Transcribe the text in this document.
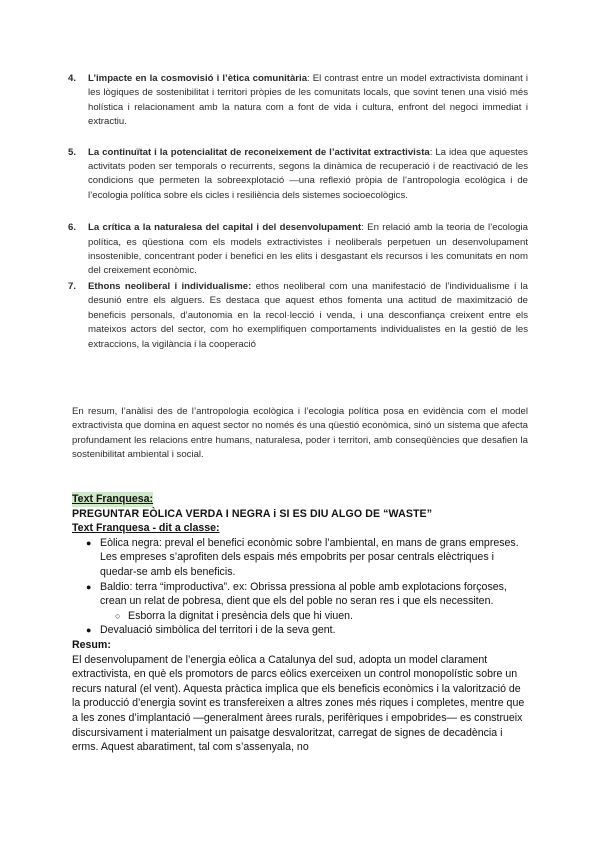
4. L’impacte en la cosmovisió i l’ètica comunitària: El contrast entre un model extractivista dominant i les lògiques de sostenibilitat i territori pròpies de les comunitats locals, que sovint tenen una visió més holística i relacionament amb la natura com a font de vida i cultura, enfront del negoci immediat i extractiu.
5. La continuïtat i la potencialitat de reconeixement de l’activitat extractivista: La idea que aquestes activitats poden ser temporals o recurrents, segons la dinàmica de recuperació i de reactivació de les condicions que permeten la sobreexplotació —una reflexió pròpia de l’antropologia ecològica i de l’ecologia política sobre els cicles i resiliència dels sistemes socioecològics.
6. La crítica a la naturalesa del capital i del desenvolupament: En relació amb la teoria de l’ecologia política, es qüestiona com els models extractivistes i neoliberals perpetuen un desenvolupament insostenible, concentrant poder i benefici en les elits i desgastant els recursos i les comunitats en nom del creixement econòmic.
7. Ethons neoliberal i individualisme: ethos neoliberal com una manifestació de l’individualisme i la desunió entre els alguers. Es destaca que aquest ethos fomenta una actitud de maximització de beneficis personals, d’autonomia en la recol·lecció i venda, i una desconfiança creixent entre els mateixos actors del sector, com ho exemplifiquen comportaments individualistes en la gestió de les extraccions, la vigilància i la cooperació

En resum, l’anàlisi des de l’antropologia ecològica i l’ecologia política posa en evidència com el model extractivista que domina en aquest sector no només és una qüestió econòmica, sinó un sistema que afecta profundament les relacions entre humans, naturalesa, poder i territori, amb conseqüències que desafien la sostenibilitat ambiental i social.

Text Franquesa:
PREGUNTAR EÒLICA VERDA I NEGRA i SI ES DIU ALGO DE “WASTE”
Text Franquesa - dit a classe:
● Eòlica negra: preval el benefici econòmic sobre l’ambiental, en mans de grans empreses. Les empreses s’aprofiten dels espais més empobrits per posar centrals elèctriques i quedar-se amb els beneficis.
● Baldio: terra “improductiva”. ex: Obrissa pressiona al poble amb explotacions forçoses, crean un relat de pobresa, dient que els del poble no seran res i que els necessiten.
○ Esborra la dignitat i presència dels que hi viuen.
● Devaluació simbòlica del territori i de la seva gent.
Resum:

El desenvolupament de l’energia eòlica a Catalunya del sud, adopta un model clarament extractivista, en què els promotors de parcs eòlics exerceixen un control monopolístic sobre un recurs natural (el vent). Aquesta pràctica implica que els beneficis econòmics i la valorització de la producció d’energia sovint es transfereixen a altres zones més riques i completes, mentre que a les zones d’implantació —generalment àrees rurals, perifèriques i empobrides— es construeix discursivament i materialment un paisatge desvaloritzat, carregat de signes de decadència i erms. Aquest abaratiment, tal com s’assenyala, no
